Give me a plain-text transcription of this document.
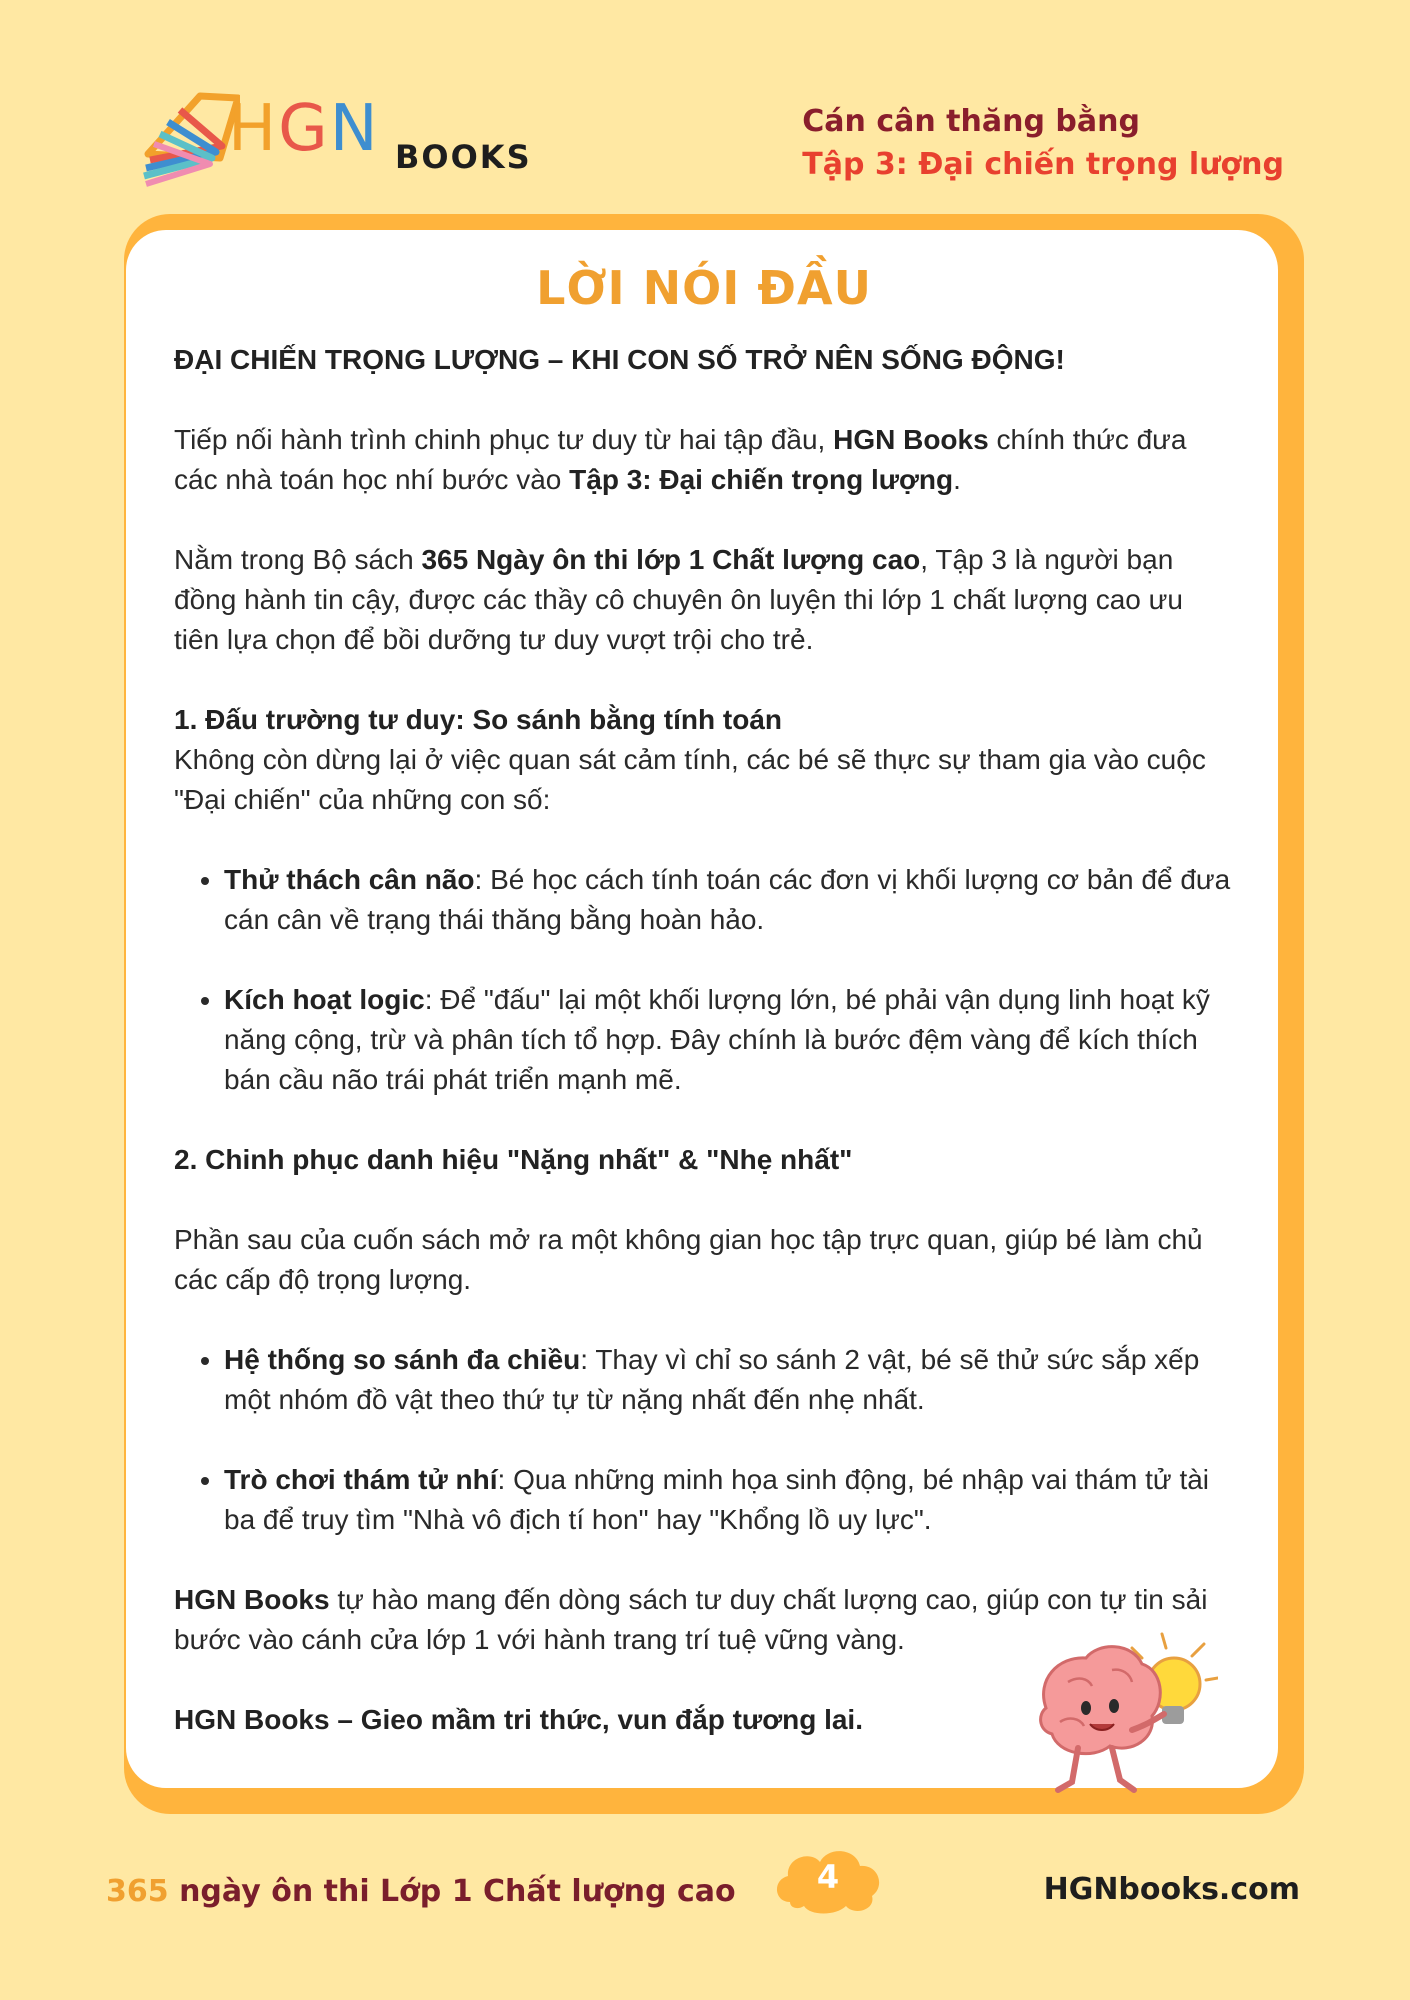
HGN BOOKS
Cán cân thăng bằng
Tập 3: Đại chiến trọng lượng
LỜI NÓI ĐẦU
ĐẠI CHIẾN TRỌNG LƯỢNG – KHI CON SỐ TRỞ NÊN SỐNG ĐỘNG!

Tiếp nối hành trình chinh phục tư duy từ hai tập đầu, HGN Books chính thức đưa các nhà toán học nhí bước vào Tập 3: Đại chiến trọng lượng.

Nằm trong Bộ sách 365 Ngày ôn thi lớp 1 Chất lượng cao, Tập 3 là người bạn đồng hành tin cậy, được các thầy cô chuyên ôn luyện thi lớp 1 chất lượng cao ưu tiên lựa chọn để bồi dưỡng tư duy vượt trội cho trẻ.

1. Đấu trường tư duy: So sánh bằng tính toán

Không còn dừng lại ở việc quan sát cảm tính, các bé sẽ thực sự tham gia vào cuộc "Đại chiến" của những con số:

• Thử thách cân não: Bé học cách tính toán các đơn vị khối lượng cơ bản để đưa cán cân về trạng thái thăng bằng hoàn hảo.
• Kích hoạt logic: Để "đấu" lại một khối lượng lớn, bé phải vận dụng linh hoạt kỹ năng cộng, trừ và phân tích tổ hợp. Đây chính là bước đệm vàng để kích thích bán cầu não trái phát triển mạnh mẽ.
2. Chinh phục danh hiệu "Nặng nhất" & "Nhẹ nhất"

Phần sau của cuốn sách mở ra một không gian học tập trực quan, giúp bé làm chủ các cấp độ trọng lượng.

• Hệ thống so sánh đa chiều: Thay vì chỉ so sánh 2 vật, bé sẽ thử sức sắp xếp một nhóm đồ vật theo thứ tự từ nặng nhất đến nhẹ nhất.
• Trò chơi thám tử nhí: Qua những minh họa sinh động, bé nhập vai thám tử tài ba để truy tìm "Nhà vô địch tí hon" hay "Khổng lồ uy lực".

HGN Books tự hào mang đến dòng sách tư duy chất lượng cao, giúp con tự tin sải bước vào cánh cửa lớp 1 với hành trang trí tuệ vững vàng.

HGN Books – Gieo mầm tri thức, vun đắp tương lai.
365 ngày ôn thi Lớp 1 Chất lượng cao	4	HGNbooks.com
